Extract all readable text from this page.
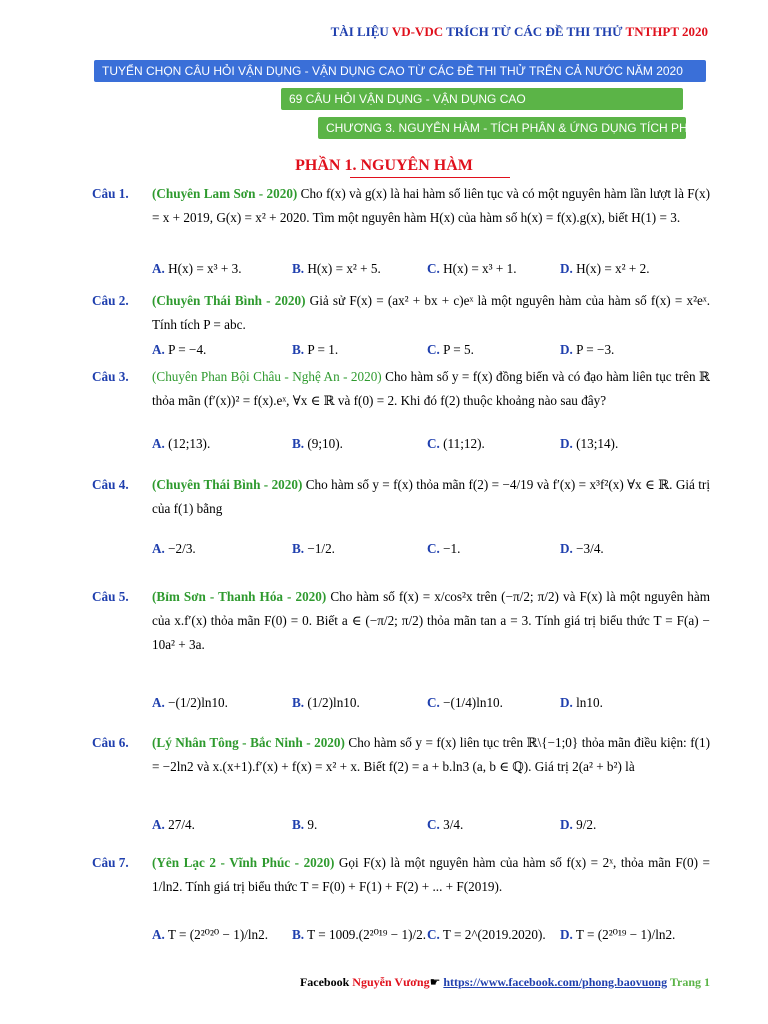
TÀI LIỆU VD-VDC TRÍCH TỪ CÁC ĐỀ THI THỬ TNTHPT 2020
TUYỂN CHỌN CÂU HỎI VẬN DỤNG - VẬN DỤNG CAO TỪ CÁC ĐỀ THI THỬ TRÊN CẢ NƯỚC NĂM 2020
69 CÂU HỎI VẬN DỤNG - VẬN DỤNG CAO
CHƯƠNG 3. NGUYÊN HÀM - TÍCH PHÂN & ỨNG DỤNG TÍCH PHÂN
PHẦN 1. NGUYÊN HÀM
Câu 1. (Chuyên Lam Sơn - 2020) Cho f(x) và g(x) là hai hàm số liên tục và có một nguyên hàm lần lượt là F(x) = x + 2019, G(x) = x² + 2020. Tìm một nguyên hàm H(x) của hàm số h(x) = f(x).g(x), biết H(1) = 3.
A. H(x) = x³ + 3.	B. H(x) = x² + 5.	C. H(x) = x³ + 1.	D. H(x) = x² + 2.
Câu 2. (Chuyên Thái Bình - 2020) Giả sử F(x) = (ax² + bx + c)eˣ là một nguyên hàm của hàm số f(x) = x²eˣ. Tính tích P = abc.
A. P = −4.	B. P = 1.	C. P = 5.	D. P = −3.
Câu 3. (Chuyên Phan Bội Châu - Nghệ An - 2020) Cho hàm số y = f(x) đồng biến và có đạo hàm liên tục trên ℝ thỏa mãn (f′(x))² = f(x).eˣ, ∀x ∈ ℝ và f(0) = 2. Khi đó f(2) thuộc khoảng nào sau đây?
A. (12;13).	B. (9;10).	C. (11;12).	D. (13;14).
Câu 4. (Chuyên Thái Bình - 2020) Cho hàm số y = f(x) thỏa mãn f(2) = −4/19 và f′(x) = x³f²(x) ∀x ∈ ℝ. Giá trị của f(1) bằng
A. −2/3.	B. −1/2.	C. −1.	D. −3/4.
Câu 5. (Bỉm Sơn - Thanh Hóa - 2020) Cho hàm số f(x) = x/cos²x trên (−π/2; π/2) và F(x) là một nguyên hàm của x.f′(x) thỏa mãn F(0) = 0. Biết a ∈ (−π/2; π/2) thỏa mãn tan a = 3. Tính giá trị biểu thức T = F(a) − 10a² + 3a.
A. −(1/2)ln10.	B. (1/2)ln10.	C. −(1/4)ln10.	D. ln10.
Câu 6. (Lý Nhân Tông - Bắc Ninh - 2020) Cho hàm số y = f(x) liên tục trên ℝ\{−1;0} thỏa mãn điều kiện: f(1) = −2ln2 và x.(x+1).f′(x) + f(x) = x² + x. Biết f(2) = a + b.ln3 (a, b ∈ ℚ). Giá trị 2(a² + b²) là
A. 27/4.	B. 9.	C. 3/4.	D. 9/2.
Câu 7. (Yên Lạc 2 - Vĩnh Phúc - 2020) Gọi F(x) là một nguyên hàm của hàm số f(x) = 2ˣ, thỏa mãn F(0) = 1/ln2. Tính giá trị biểu thức T = F(0) + F(1) + F(2) + ... + F(2019).
A. T = (2²⁰²⁰ − 1)/ln2. B. T = 1009.(2²⁰¹⁹ − 1)/2. C. T = 2^(2019.2020). D. T = (2²⁰¹⁹ − 1)/ln2.
Facebook Nguyễn Vương☛ https://www.facebook.com/phong.baovuong Trang 1
